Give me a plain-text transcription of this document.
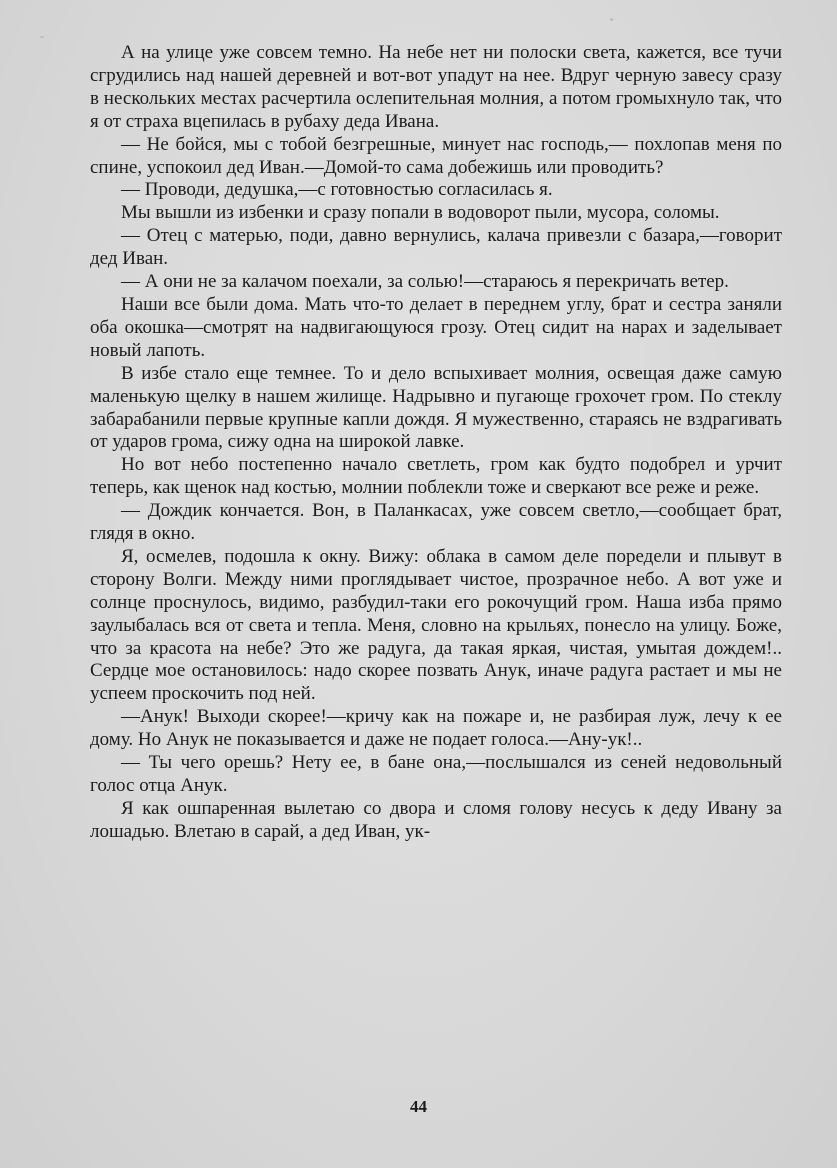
А на улице уже совсем темно. На небе нет ни полоски света, кажется, все тучи сгрудились над нашей деревней и вот-вот упадут на нее. Вдруг черную завесу сразу в нескольких местах расчертила ослепительная молния, а потом громыхнуло так, что я от страха вцепилась в рубаху деда Ивана.

— Не бойся, мы с тобой безгрешные, минует нас господь,— похлопав меня по спине, успокоил дед Иван.—Домой-то сама добежишь или проводить?

— Проводи, дедушка,—с готовностью согласилась я.

Мы вышли из избенки и сразу попали в водоворот пыли, мусора, соломы.

— Отец с матерью, поди, давно вернулись, калача привезли с базара,—говорит дед Иван.

— А они не за калачом поехали, за солью!—стараюсь я перекричать ветер.

Наши все были дома. Мать что-то делает в переднем углу, брат и сестра заняли оба окошка—смотрят на надвигающуюся грозу. Отец сидит на нарах и заделывает новый лапоть.

В избе стало еще темнее. То и дело вспыхивает молния, освещая даже самую маленькую щелку в нашем жилище. Надрывно и пугающе грохочет гром. По стеклу забарабанили первые крупные капли дождя. Я мужественно, стараясь не вздрагивать от ударов грома, сижу одна на широкой лавке.

Но вот небо постепенно начало светлеть, гром как будто подобрел и урчит теперь, как щенок над костью, молнии поблекли тоже и сверкают все реже и реже.

— Дождик кончается. Вон, в Паланкасах, уже совсем светло,—сообщает брат, глядя в окно.

Я, осмелев, подошла к окну. Вижу: облака в самом деле поредели и плывут в сторону Волги. Между ними проглядывает чистое, прозрачное небо. А вот уже и солнце проснулось, видимо, разбудил-таки его рокочущий гром. Наша изба прямо заулыбалась вся от света и тепла. Меня, словно на крыльях, понесло на улицу. Боже, что за красота на небе? Это же радуга, да такая яркая, чистая, умытая дождем!.. Сердце мое остановилось: надо скорее позвать Анук, иначе радуга растает и мы не успеем проскочить под ней.

—Анук! Выходи скорее!—кричу как на пожаре и, не разбирая луж, лечу к ее дому. Но Анук не показывается и даже не подает голоса.—Ану-ук!..

— Ты чего орешь? Нету ее, в бане она,—послышался из сеней недовольный голос отца Анук.

Я как ошпаренная вылетаю со двора и сломя голову несусь к деду Ивану за лошадью. Влетаю в сарай, а дед Иван, ук-

44
